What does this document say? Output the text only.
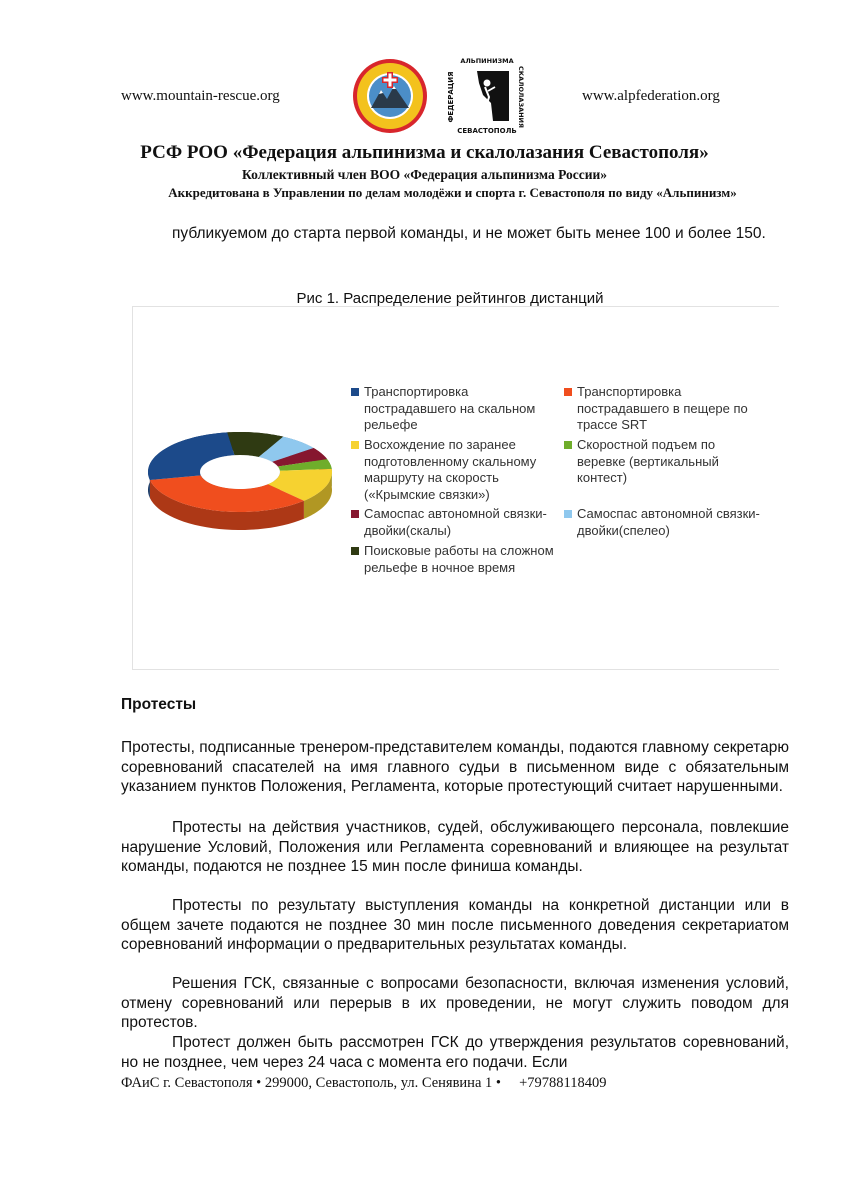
www.mountain-rescue.org	ФЕДЕРАЦИЯ
АЛЬПИНИЗМА
СКАЛОЛАЗАНИЯ
СЕВАСТОПОЛЬ
www.alpfederation.org
РСФ РОО «Федерация альпинизма и скалолазания Севастополя»
Коллективный член ВОО «Федерация альпинизма России»
Аккредитована в Управлении по делам молодёжи и спорта г. Севастополя по виду «Альпинизм»
публикуемом до старта первой команды, и не может быть менее 100 и более 150.
Рис 1. Распределение рейтингов дистанций
Транспортировка пострадавшего на скальном рельефе
Транспортировка пострадавшего в пещере по трассе SRT
Восхождение по заранее подготовленному скальному маршруту на скорость («Крымские связки»)
Скоростной подъем по веревке (вертикальный контест)
Самоспас автономной связки-двойки(скалы)
Самоспас автономной связки-двойки(спелео)
Поисковые работы на сложном рельефе в ночное время
Протесты
Протесты, подписанные тренером-представителем команды, подаются главному секретарю соревнований спасателей на имя главного судьи в письменном виде с обязательным указанием пунктов Положения, Регламента, которые протестующий считает нарушенными.
Протесты на действия участников, судей, обслуживающего персонала, повлекшие нарушение Условий, Положения или Регламента соревнований и влияющее на результат команды, подаются не позднее 15 мин после финиша команды.
Протесты по результату выступления команды на конкретной дистанции или в общем зачете подаются не позднее 30 мин после письменного доведения секретариатом соревнований информации о предварительных результатах команды.
Решения ГСК, связанные с вопросами безопасности, включая изменения условий, отмену соревнований или перерыв в их проведении, не могут служить поводом для протестов.
Протест должен быть рассмотрен ГСК до утверждения результатов соревнований, но не позднее, чем через 24 часа с момента его подачи. Если
ФАиС г. Севастополя • 299000, Севастополь, ул. Сенявина 1 •     +79788118409
